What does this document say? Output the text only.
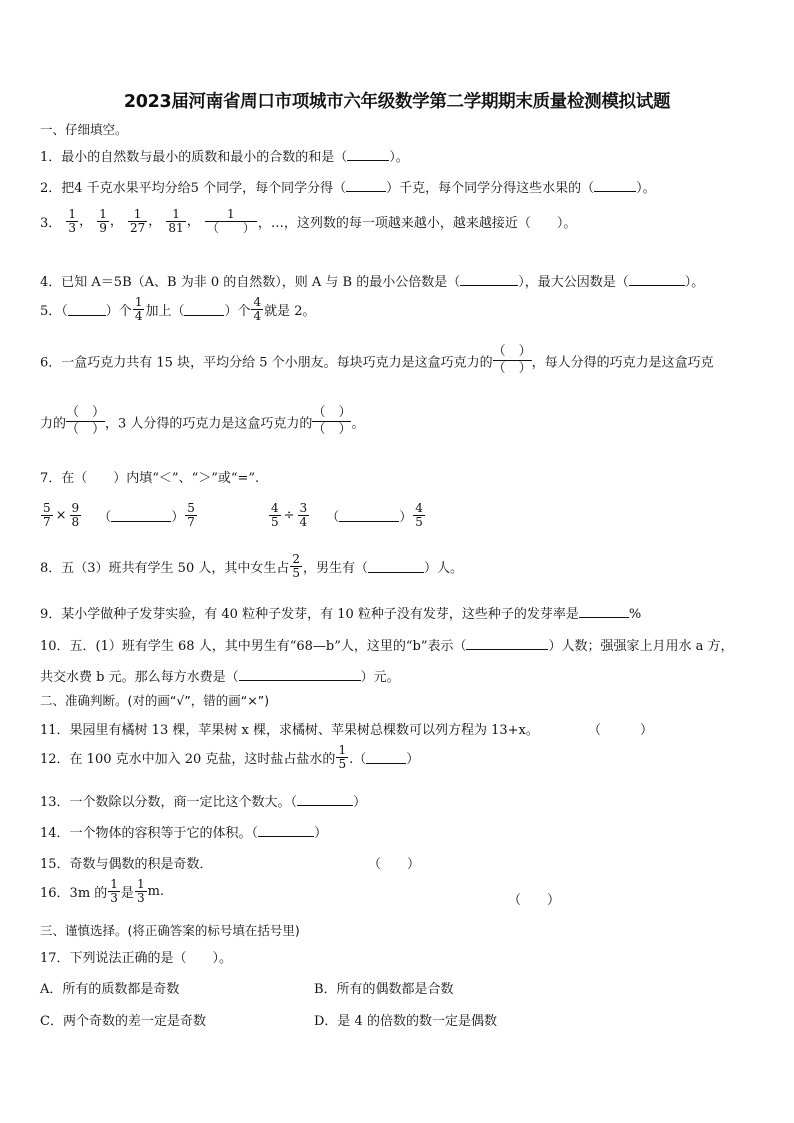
2023届河南省周口市项城市六年级数学第二学期期末质量检测模拟试题
一、仔细填空。
1．最小的自然数与最小的质数和最小的合数的和是（	）。
2．把4 千克水果平均分给5 个同学，每个同学分得（	）千克，每个同学分得这些水果的（	）。
3． $\frac{1}{3}$ ， $\frac{1}{9}$ ， $\frac{1}{27}$ ， $\frac{1}{81}$ ， $\frac{1}{( )}$ ，…，这列数的每一项越来越小，越来越接近（　　）。
4．已知 A＝5B（A、B 为非 0 的自然数），则 A 与 B 的最小公倍数是（	），最大公因数是（	）。
5．（	）个 $\frac{1}{4}$ 加上（	）个 $\frac{4}{4}$ 就是 2。
6．一盒巧克力共有 15 块，平均分给 5 个小朋友。每块巧克力是这盒巧克力的
（　）
（　） ，每人分得的巧克力是这盒巧克
力的
（　）
（　） ，3 人分得的巧克力是这盒巧克力的
（　）
（　） 。
7．在（　　）内填“＜”、“＞”或“=”.
$\frac{5}{7} \times \frac{9}{8}$ （	） $\frac{5}{7}$	$\frac{4}{5} \div \frac{3}{4}$ （	） $\frac{4}{5}$
8．五（3）班共有学生 50 人，其中女生占 $\frac{2}{5}$ ，男生有（	）人。
9．某小学做种子发芽实验，有 40 粒种子发芽，有 10 粒种子没有发芽，这些种子的发芽率是	%
10．五．(1）班有学生 68 人，其中男生有“68—b”人，这里的“b”表示（	）人数；强强家上月用水 a 方，
共交水费 b 元。那么每方水费是（	）元。
二、准确判断。(对的画“√”，错的画“×”)
11．果园里有橘树 13 棵，苹果树 x 棵，求橘树、苹果树总棵数可以列方程为 13+x。	（　　　）
12．在 100 克水中加入 20 克盐，这时盐占盐水的 $\frac{1}{5}$ .（	）
13．一个数除以分数，商一定比这个数大。（	）
14．一个物体的容积等于它的体积。（	）
15．奇数与偶数的积是奇数．	（　　）
16．3m 的 $\frac{1}{3}$ 是 $\frac{1}{3} m$.
（　　）
三、谨慎选择。(将正确答案的标号填在括号里)
17．下列说法正确的是（　　）。
A．所有的质数都是奇数	B．所有的偶数都是合数
C．两个奇数的差一定是奇数	D．是 4 的倍数的数一定是偶数
